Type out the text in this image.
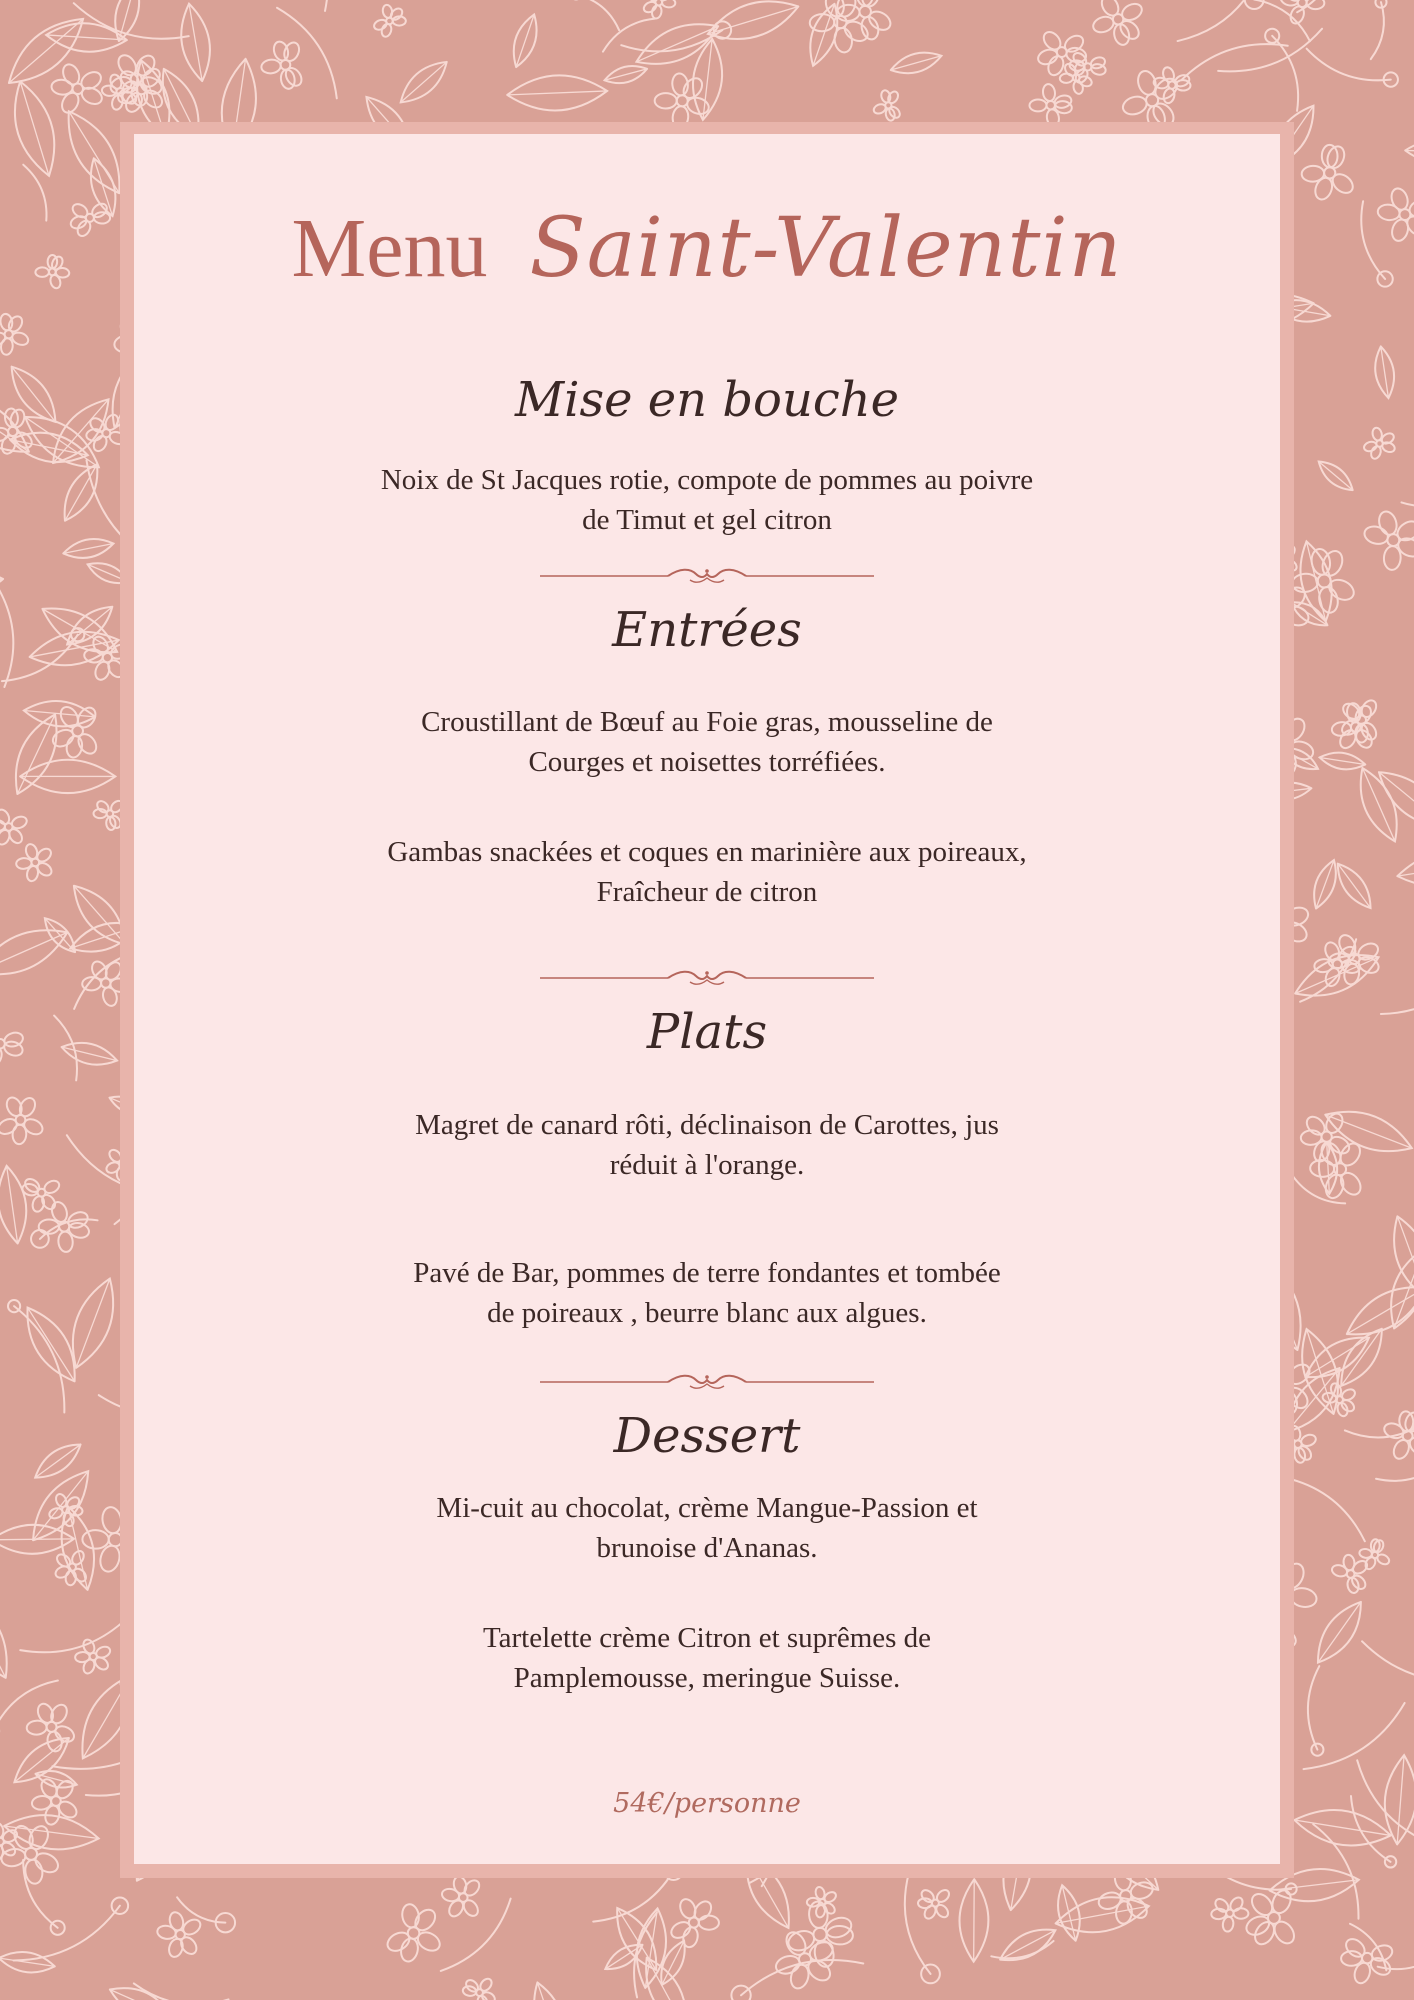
Menu Saint-Valentin
Mise en bouche
Noix de St Jacques rotie, compote de pommes au poivre
de Timut et gel citron
Entrées
Croustillant de Bœuf au Foie gras, mousseline de
Courges et noisettes torréfiées.
Gambas snackées et coques en marinière aux poireaux,
Fraîcheur de citron
Plats
Magret de canard rôti, déclinaison de Carottes, jus
réduit à l'orange.
Pavé de Bar, pommes de terre fondantes et tombée
de poireaux , beurre blanc aux algues.
Dessert
Mi-cuit au chocolat, crème Mangue-Passion et
brunoise d'Ananas.
Tartelette crème Citron et suprêmes de
Pamplemousse, meringue Suisse.
54€/personne
